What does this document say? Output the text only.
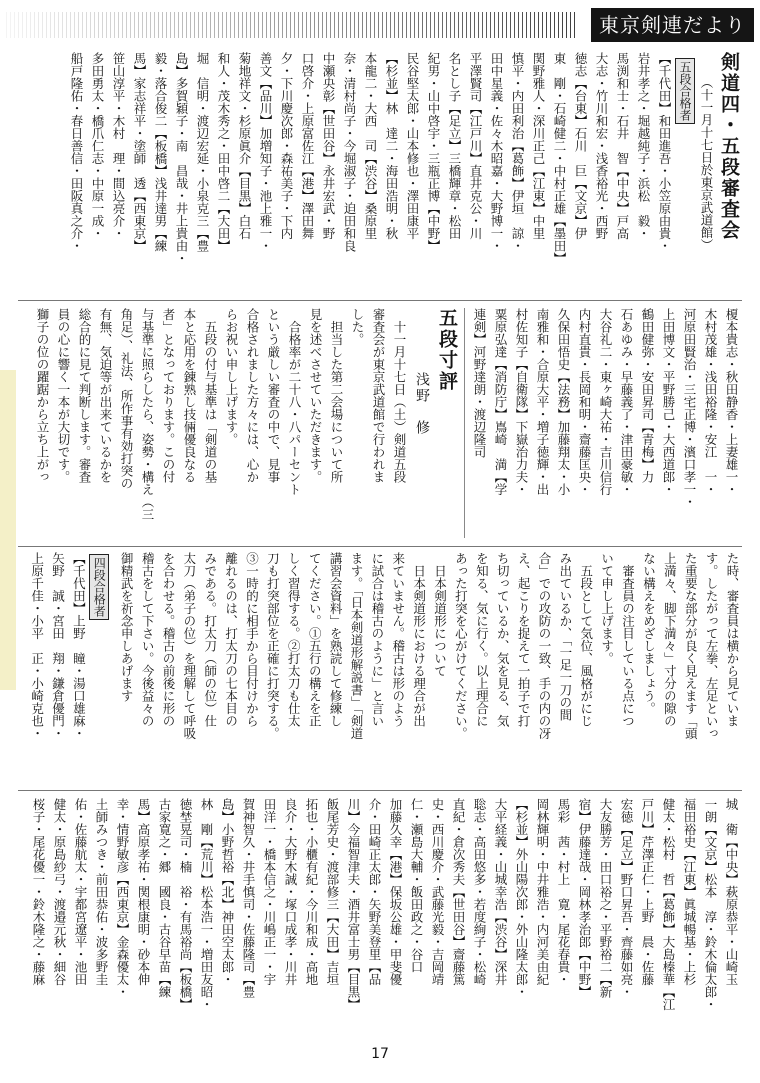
東京剣連だより
剣道四・五段審査会
（十一月十七日於東京武道館）
五段合格者
【千代田】和田進吾・小笠原由貴・
岩井孝之・堀越純子・浜松　毅・
馬渕和士・石井　智【中央】戸高
大志・竹川和宏・浅香裕光・西野
徳志【台東】石川　巨【文京】伊
東　剛・石崎健二・中村正雄【墨田】
関野雅人・深川正己【江東】中里
慎平・内田利治【葛飾】伊垣　諒・
田中星義・佐々木昭嘉・大野博一・
平澤賢司【江戸川】直井克公・川
名とし子【足立】三橋輝章・松田
紀男・山中啓宇・三瓶正博【中野】
民谷堅太郎・山本修也・澤田康平
【杉並】林　達二・海田浩明・秋
本龍二・大西　司【渋谷】桑原里
奈・清村尚子・今堀淑子・迫田和良
中瀬央彰【世田谷】永井宏武・野
口啓介・上原富佐江【港】澤田舞
夕・下川慶次郎・森祐美子・下内
善文【品川】加増知子・池上雅一・
菊地祥文・杉原眞介【目黒】白石
和人・茂木秀之・田中啓二【大田】
堀　信明・渡辺宏延・小泉克三【豊
島】多賀穎子・南　昌哉・井上貴由・
毅・落合俊二【板橋】浅井達男【練
馬】家志祥平・塗師　透【西東京】
笹山淳平・木村　理・間込亮介・
多田勇太・橋爪仁志・中原一成・
船戸隆佑・春日善信・田阪真之介・
榎本貴志・秋田静香・上妻雄一・
木村茂雄・浅田裕隆・安江　一・
河原田賢治・三宅正博・濱口孝一・
上田博文・平野勝己・大西道郎・
鶴田健弥・安田昇司【青梅】力
石あゆみ・早藤義了・津田豪敏・
大谷礼二・東ヶ崎大祐・吉川信行
内村直貴・長岡和明・齋藤匡央・
久保田悟史【法務】加藤翔太・小
南雅和・合原大平・増子徳輝・出
村佐知子【自衛隊】下嶽治力夫・
粟原弘達【消防庁】嶌崎　満【学
連剣】河野達朗・渡辺隆司
五段寸評
浅野　修
　十一月十七日（土）剣道五段
審査会が東京武道館で行われま
した。
　担当した第二会場について所
見を述べさせていただきます。
　合格率が二十八・八パーセント
という厳しい審査の中で、見事
合格されました方々には、心か
らお祝い申し上げます。
　五段の付与基準は「剣道の基
本と応用を錬熟し技倆優良なる
者」となっております。この付
与基準に照らしたら、姿勢・構え（三
角足）、礼法、所作事有効打突の
有無、気迫等が出来ているかを
総合的に見て判断します。審査
員の心に響く一本が大切です。
獅子の位の躍踞から立ち上がっ
た時、審査員は横から見ていま
す。したがって左拳、左足といっ
た重要な部分が良く見えます「頭
上満々、脚下満々」寸分の隙の
ない構えをめざしましょう。
　審査員の注目している点につ
いて申し上げます。
　五段として気位、風格がにじ
み出ているか、「一足一刀の間
合」での攻防の一致、手の内の冴
え、起こりを捉えて一拍子で打
ち切っているか、気を見る、気
を知る、気に行く。以上理合に
あった打突を心がけてください。
　日本剣道形について
　日本剣道形における理合が出
来ていません。稽古は形のよう
に試合は稽古のように」と言い
ます。「日本剣道形解説書」「剣道
講習会資料」を熟読して修練し
てください。①五行の構えを正
しく習得する。②打太刀も仕太
刀も打突部位を正確に打突する。
③一時的に相手から目付けから
離れるのは、打太刀の七本目の
みである。打太刀（師の位）仕
太刀（弟子の位）を理解して呼吸
を合わせる。稽古の前後に形の
稽古をして下さい。今後益々の
御精武を祈念申しあげます
四段合格者
【千代田】上野　瞳・湯口雄麻・
矢野　誠・宮田　翔・鎌倉優門・
上原千佳・小平　正・小崎克也・
城　衛【中央】萩原恭平・山崎玉
一朗【文京】松本　淳・鈴木倫太郎・
福田裕史【江東】眞城暢基・上杉
健太・松村　哲【葛飾】大島榛華【江
戸川】芹澤正仁・上野　晨・佐藤
宏徳【足立】野口昇吾・齊藤如亮・
大友勝芳・田口裕之・平野裕二【新
宿】伊藤達哉・岡林孝治郎【中野】
馬彩　茜・村上　寛・尾花春貴・
岡林輝明・中井雅浩・内河美由紀
【杉並】外山陽次郎・外山隆太郎・
大平経義・山城幸浩【渋谷】深井
聡志・高田悠多・若度絢子・松崎
直紀・倉次秀夫【世田谷】齋藤篤
史・西川慶介・武藤光毅・吉岡靖
仁・瀬島大輔・飯田政之・谷口
加藤久幸【港】保坂公雄・甲斐優
介・田崎正太郎・矢野美登里【品
川】今福智津夫・酒井富士男【目黒】
飯尾芳史・渡部修三【大田】吉垣
拓也・小櫃有紀・今川和成・高地
良介・大野木誠・塚口成孝・川井
田洋一・橋本信之・川嶋正一・宇
賀神智久・井手慎司・佐藤隆司【豊
島】小野哲裕【北】神田空太郎・
林　剛【荒川】松本浩一・増田友昭・
徳埜晃司・楠　裕・有馬裕尚【板橋】
古家寛之・郷　國良・古谷早苗【練
馬】高原孝祐・関根康明・砂本伸
幸・情野敏彦【西東京】金森優太・
土師みつき・前田恭佑・波多野圭
佑・佐藤航太・宇都宮遼平・池田
健太・原島紗弓・渡邉元秋・細谷
桜子・尾花優一・鈴木隆之・藤麻
17
